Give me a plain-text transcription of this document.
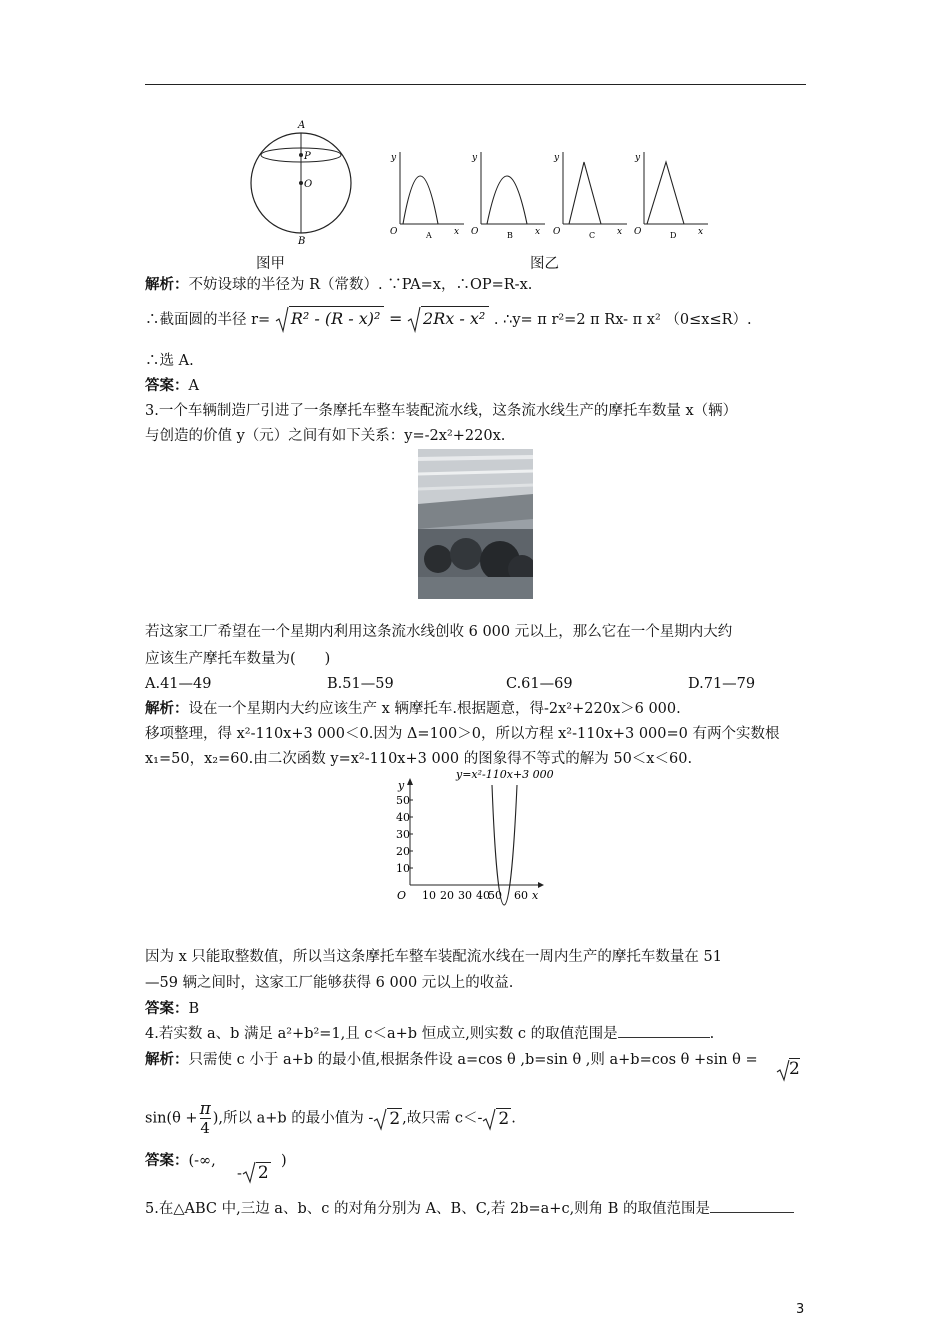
A
P
O
B
y
O	x
A
y
O	x
B
y
O	x
C
y
O	x
D
图甲	图乙
解析：不妨设球的半径为 R（常数）. ∵PA=x，∴OP=R-x.
∴截面圆的半径 r= R² - (R - x)² = 2Rx - x² . ∴y= π r²=2 π Rx- π x² （0≤x≤R）.
∴选 A.
答案：A
3.一个车辆制造厂引进了一条摩托车整车装配流水线，这条流水线生产的摩托车数量 x（辆）
与创造的价值 y（元）之间有如下关系：y=-2x²+220x.
若这家工厂希望在一个星期内利用这条流水线创收 6 000 元以上，那么它在一个星期内大约
应该生产摩托车数量为(　　)
A.41—49	B.51—59	C.61—69	D.71—79
解析：设在一个星期内大约应该生产 x 辆摩托车.根据题意，得-2x²+220x＞6 000.
移项整理，得 x²-110x+3 000＜0.因为 Δ=100＞0，所以方程 x²-110x+3 000=0 有两个实数根
x₁=50，x₂=60.由二次函数 y=x²-110x+3 000 的图象得不等式的解为 50＜x＜60.
y=x²-110x+3 000
y
x
O
10
20
30
40
50
10 20 30 40
50 60
因为 x 只能取整数值，所以当这条摩托车整车装配流水线在一周内生产的摩托车数量在 51
—59 辆之间时，这家工厂能够获得 6 000 元以上的收益.
答案：B
4.若实数 a、b 满足 a²+b²=1,且 c＜a+b 恒成立,则实数 c 的取值范围是	.
解析：只需使 c 小于 a+b 的最小值,根据条件设 a=cos θ ,b=sin θ ,则 a+b=cos θ +sin θ = 2
$\sin(\theta + \frac{\pi}{4}$ ),所以 a+b 的最小值为 - 2 ,故只需 c＜- 2 .
答案：(-∞,
- 2
)
5.在△ABC 中,三边 a、b、c 的对角分别为 A、B、C,若 2b=a+c,则角 B 的取值范围是
3
